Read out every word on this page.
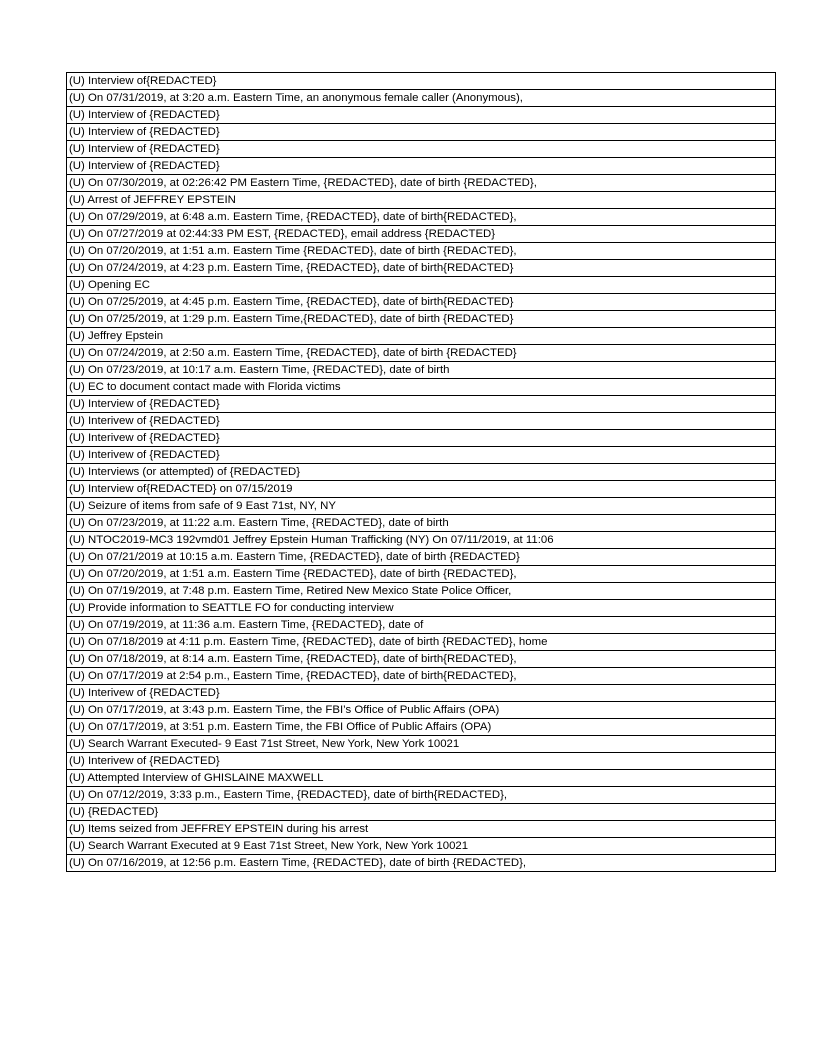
(U) Interview of{REDACTED}
(U) On 07/31/2019, at 3:20 a.m. Eastern Time, an anonymous female caller (Anonymous),
(U) Interview of {REDACTED}
(U) Interview of {REDACTED}
(U) Interview of {REDACTED}
(U) Interview of {REDACTED}
(U) On 07/30/2019, at 02:26:42 PM Eastern Time, {REDACTED}, date of birth {REDACTED},
(U) Arrest of JEFFREY EPSTEIN
(U) On 07/29/2019, at 6:48 a.m. Eastern Time, {REDACTED}, date of birth{REDACTED},
(U) On 07/27/2019 at 02:44:33 PM EST, {REDACTED}, email address {REDACTED}
(U) On 07/20/2019, at 1:51 a.m. Eastern Time {REDACTED}, date of birth {REDACTED},
(U) On 07/24/2019, at 4:23 p.m. Eastern Time, {REDACTED}, date of birth{REDACTED}
(U) Opening EC
(U) On 07/25/2019, at 4:45 p.m. Eastern Time, {REDACTED}, date of birth{REDACTED}
(U) On 07/25/2019, at 1:29 p.m. Eastern Time,{REDACTED}, date of birth {REDACTED}
(U) Jeffrey Epstein
(U) On 07/24/2019, at 2:50 a.m. Eastern Time, {REDACTED}, date of birth {REDACTED}
(U) On 07/23/2019, at 10:17 a.m. Eastern Time, {REDACTED}, date of birth
(U) EC to document contact made with Florida victims
(U) Interview of {REDACTED}
(U) Interivew of {REDACTED}
(U) Interivew of {REDACTED}
(U) Interivew of {REDACTED}
(U) Interviews (or attempted) of {REDACTED}
(U) Interview of{REDACTED} on 07/15/2019
(U) Seizure of items from safe of 9 East 71st, NY, NY
(U) On 07/23/2019, at 11:22 a.m. Eastern Time, {REDACTED}, date of birth
(U) NTOC2019-MC3 192vmd01 Jeffrey Epstein Human Trafficking (NY) On 07/11/2019, at 11:06
(U) On 07/21/2019 at 10:15 a.m. Eastern Time, {REDACTED}, date of birth {REDACTED}
(U) On 07/20/2019, at 1:51 a.m. Eastern Time {REDACTED}, date of birth {REDACTED},
(U) On 07/19/2019, at 7:48 p.m. Eastern Time, Retired New Mexico State Police Officer,
(U) Provide information to SEATTLE FO for conducting interview
(U) On 07/19/2019, at 11:36 a.m. Eastern Time, {REDACTED}, date of
(U) On 07/18/2019 at 4:11 p.m. Eastern Time, {REDACTED}, date of birth {REDACTED}, home
(U) On 07/18/2019, at 8:14 a.m. Eastern Time, {REDACTED}, date of birth{REDACTED},
(U) On 07/17/2019 at 2:54 p.m., Eastern Time, {REDACTED}, date of birth{REDACTED},
(U) Interivew of {REDACTED}
(U) On 07/17/2019, at 3:43 p.m. Eastern Time, the FBI’s Office of Public Affairs (OPA)
(U) On 07/17/2019, at 3:51 p.m. Eastern Time, the FBI Office of Public Affairs (OPA)
(U) Search Warrant Executed- 9 East 71st Street, New York, New York 10021
(U) Interivew of {REDACTED}
(U) Attempted Interview of GHISLAINE MAXWELL
(U) On 07/12/2019, 3:33 p.m., Eastern Time, {REDACTED}, date of birth{REDACTED},
(U) {REDACTED}
(U) Items seized from JEFFREY EPSTEIN during his arrest
(U) Search Warrant Executed at 9 East 71st Street, New York, New York 10021
(U) On 07/16/2019, at 12:56 p.m. Eastern Time, {REDACTED}, date of birth {REDACTED},
